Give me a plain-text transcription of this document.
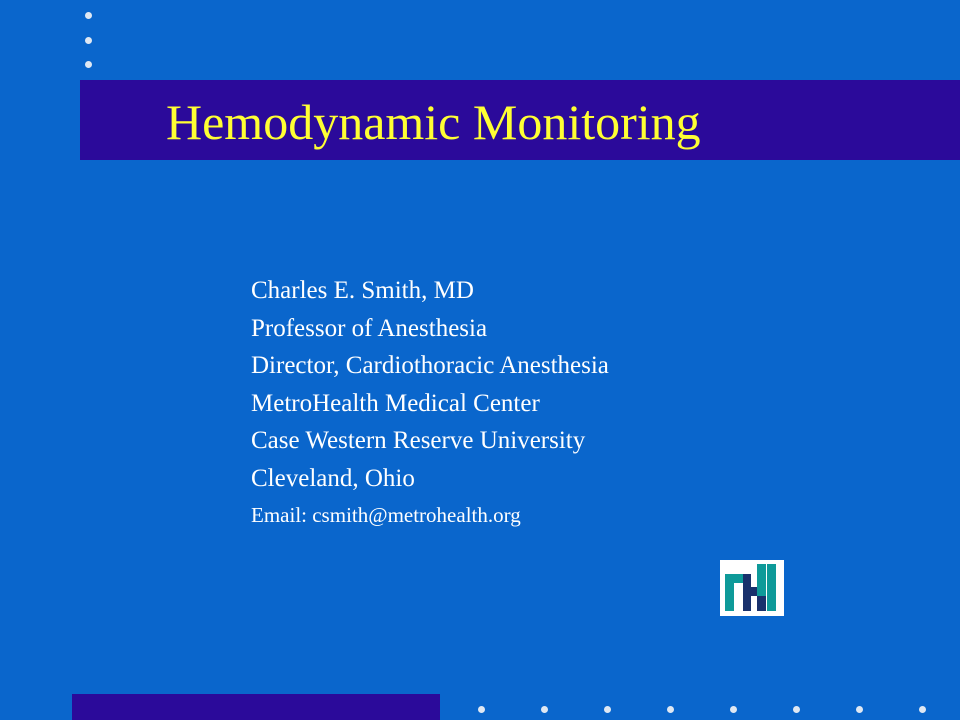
Hemodynamic Monitoring
Charles E. Smith, MD
Professor of Anesthesia
Director, Cardiothoracic Anesthesia
MetroHealth Medical Center
Case Western Reserve University
Cleveland, Ohio
Email: csmith@metrohealth.org
